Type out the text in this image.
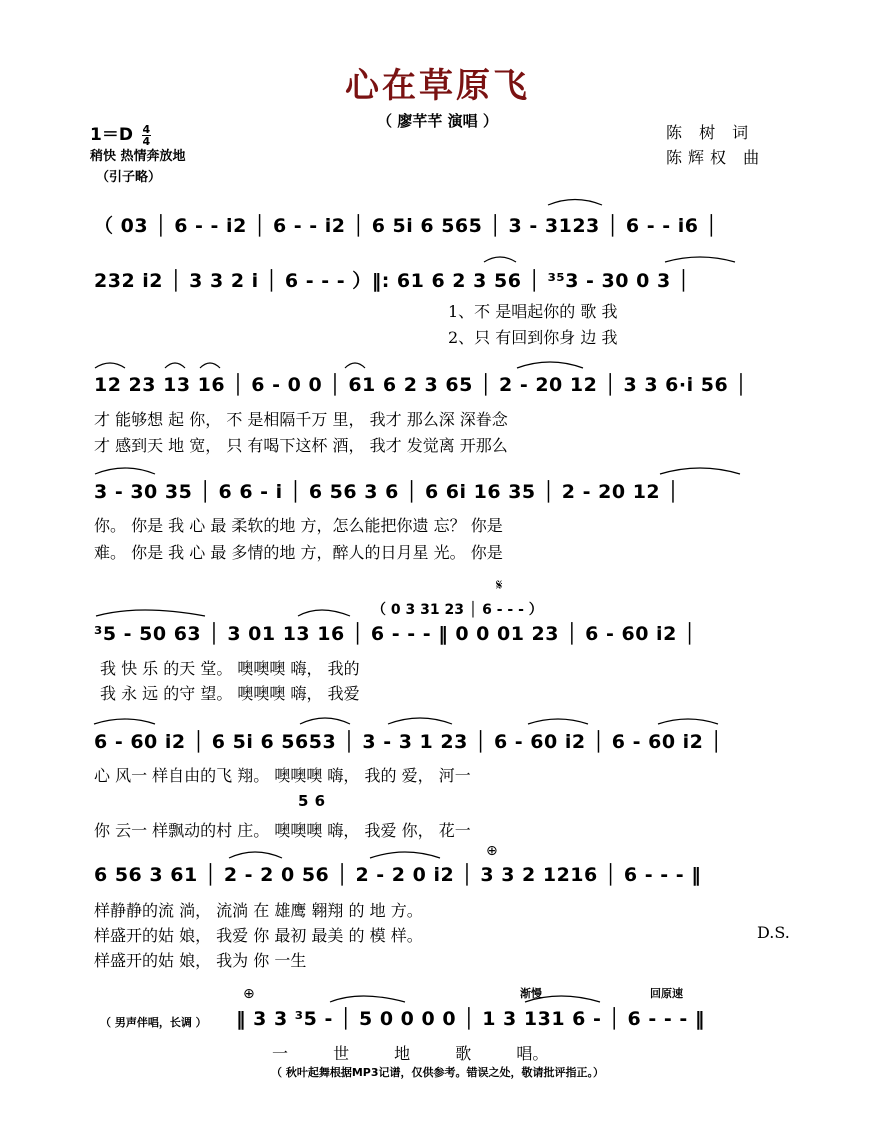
心在草原飞
（ 廖芊芊 演唱 ）
$1=D \frac{4}{4}$
稍快 热情奔放地
（引子略）
陈 树 词
陈辉权 曲
（ 03 │ 6 - - i2 │ 6 - - i2 │ 6 5i 6 565 │ 3 - 3123 │ 6 - - i6 │
232 i2 │ 3 3 2 i │ 6 - - - ）‖: 61 6 2 3 56 │ ³⁵3 - 30 0 3 │
1、不 是唱起你的 歌 我
2、只 有回到你身 边 我
12 23 13 16 │ 6 - 0 0 │ 61 6 2 3 65 │ 2 - 20 12 │ 3 3 6·i 56 │
才 能够想 起 你， 不 是相隔千万 里， 我才 那么深 深眷念
才 感到天 地 宽， 只 有喝下这杯 酒， 我才 发觉离 开那么
3 - 30 35 │ 6 6 - i │ 6 56 3 6 │ 6 6i 16 35 │ 2 - 20 12 │
你。 你是 我 心 最 柔软的地 方，怎么能把你遗 忘？ 你是
难。 你是 我 心 最 多情的地 方，醉人的日月星 光。 你是
（ 0 3 31 23 │ 6 - - - ）
𝄋
³5 - 50 63 │ 3 01 13 16 │ 6 - - - ‖ 0 0 01 23 │ 6 - 60 i2 │
我 快 乐 的天 堂。 噢噢噢 嗨， 我的
我 永 远 的守 望。 噢噢噢 嗨， 我爱
6 - 60 i2 │ 6 5i 6 5653 │ 3 - 3 1 23 │ 6 - 60 i2 │ 6 - 60 i2 │
心 风一 样自由的飞 翔。 噢噢噢 嗨， 我的 爱， 河一
5 6
你 云一 样飘动的村 庄。 噢噢噢 嗨， 我爱 你， 花一
⊕
6 56 3 61 │ 2 - 2 0 56 │ 2 - 2 0 i2 │ 3 3 2 1216 │ 6 - - - ‖
样静静的流 淌， 流淌 在 雄鹰 翱翔 的 地 方。
样盛开的姑 娘， 我爱 你 最初 最美 的 模 样。
样盛开的姑 娘， 我为 你 一生
D.S.
渐慢	回原速
⊕
（ 男声伴唱，长调 ） ‖ 3 3 ³5 - │ 5 0 0 0 0 │ 1 3 131 6 - │ 6 - - - ‖
一 世 地 歌 唱。
（ 秋叶起舞根据MP3记谱，仅供参考。错误之处，敬请批评指正。）
